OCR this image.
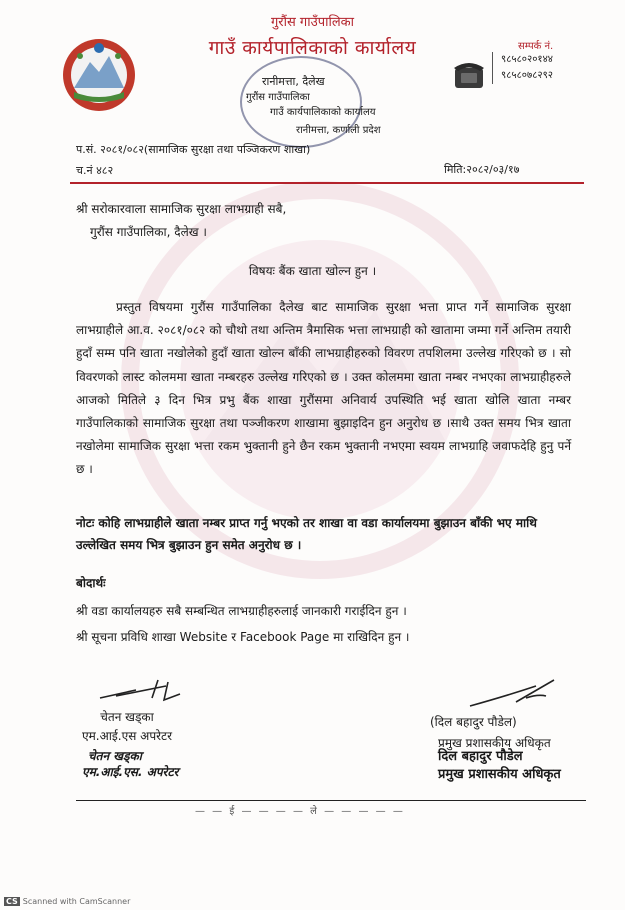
गुरौंस गाउँपालिका
गाउँ कार्यपालिकाको कार्यालय
रानीमत्ता, दैलेख
गुरौंस गाउँपालिका
गाउँ कार्यपालिकाको कार्यालय
रानीमत्ता, कर्णाली प्रदेश
सम्पर्क नं.
९८५८०२०१४४
९८५८०७८२९२
प.सं. २०८१/०८२(सामाजिक सुरक्षा तथा पञ्जिकरण शाखा)
च.नं ४८२	मिति:२०८२/०३/१७
श्री सरोकारवाला सामाजिक सुरक्षा लाभग्राही सबै,
गुरौंस गाउँपालिका, दैलेख ।
विषयः बैंक खाता खोल्न हुन ।
प्रस्तुत विषयमा गुरौंस गाउँपालिका दैलेख बाट सामाजिक सुरक्षा भत्ता प्राप्त गर्ने सामाजिक सुरक्षा लाभग्राहीले आ.व. २०८१/०८२ को चौथो तथा अन्तिम त्रैमासिक भत्ता लाभग्राही को खातामा जम्मा गर्ने अन्तिम तयारी हुदाँ सम्म पनि खाता नखोलेको हुदाँ खाता खोल्न बाँकी लाभग्राहीहरुको विवरण तपशिलमा उल्लेख गरिएको छ । सो विवरणको लास्ट कोलममा खाता नम्बरहरु उल्लेख गरिएको छ । उक्त कोलममा खाता नम्बर नभएका लाभग्राहीहरुले आजको मितिले ३ दिन भित्र प्रभु बैंक शाखा गुरौंसमा अनिवार्य उपस्थिति भई खाता खोलि खाता नम्बर गाउँपालिकाको सामाजिक सुरक्षा तथा पञ्जीकरण शाखामा बुझाइदिन हुन अनुरोध छ ।साथै उक्त समय भित्र खाता नखोलेमा सामाजिक सुरक्षा भत्ता रकम भुक्तानी हुने छैन रकम भुक्तानी नभएमा स्वयम लाभग्राहि जवाफदेहि हुनु पर्ने छ ।
नोटः कोहि लाभग्राहीले खाता नम्बर प्राप्त गर्नु भएको तर शाखा वा वडा कार्यालयमा बुझाउन बाँकी भए माथि उल्लेखित समय भित्र बुझाउन हुन समेत अनुरोध छ ।
बोदार्थः
श्री वडा कार्यालयहरु सबै सम्बन्धित लाभग्राहीहरुलाई जानकारी गराईदिन हुन ।
श्री सूचना प्रविधि शाखा Website र Facebook Page मा राखिदिन हुन ।
चेतन खड्का
एम.आई.एस अपरेटर
चेतन खड्का
एम.आई.एस. अपरेटर
(दिल बहादुर पौडेल)
प्रमुख प्रशासकीय अधिकृत
दिल बहादुर पौडेल
प्रमुख प्रशासकीय अधिकृत
— — ई — — — — ले — — — — —
CS Scanned with CamScanner
